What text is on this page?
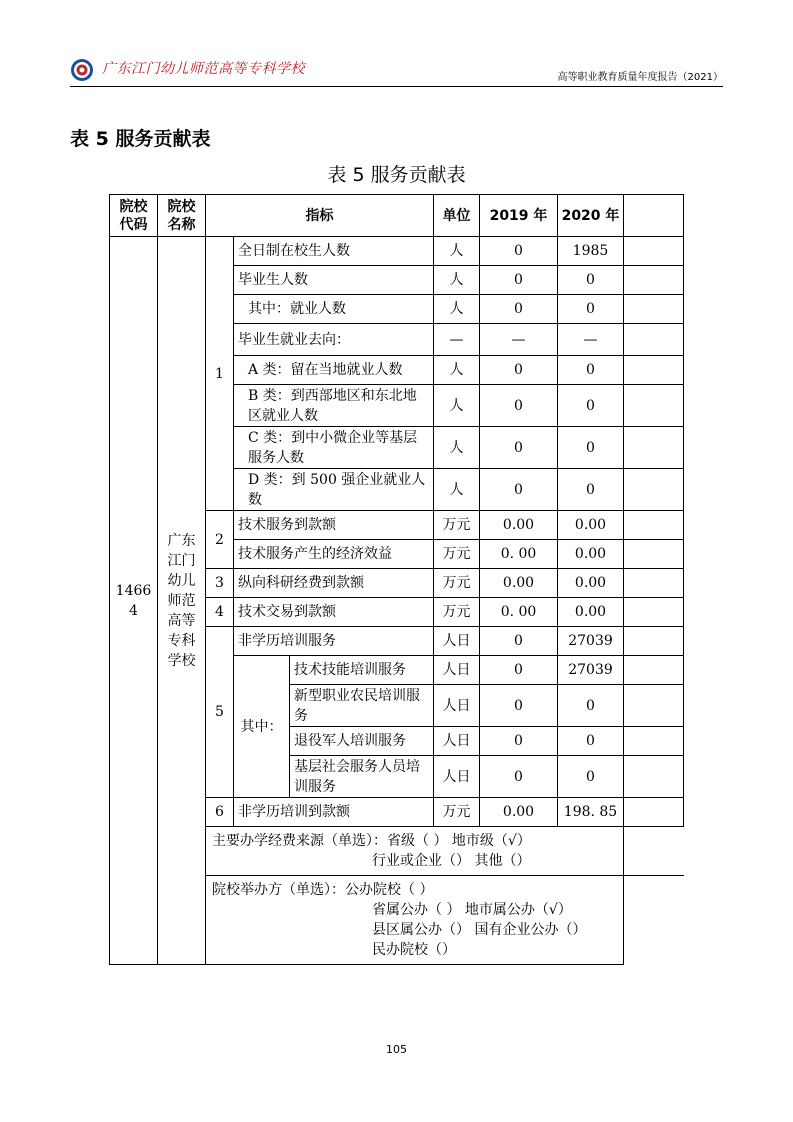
广东江门幼儿师范高等专科学校
高等职业教育质量年度报告（2021）
表 5 服务贡献表
表 5 服务贡献表
院校代码	院校名称	指标			单位	2019 年	2020 年	

14664	广东江门幼儿师范高等专科学校	1	全日制在校生人数		人	0	1985	
			毕业生人数		人	0	0	
			其中：就业人数		人	0	0	
			毕业生就业去向：		—	—	—	
			A 类：留在当地就业人数		人	0	0	
			B 类：到西部地区和东北地区就业人数		人	0	0	
			C 类：到中小微企业等基层服务人数		人	0	0	
			D 类：到 500 强企业就业人数		人	0	0	
		2	技术服务到款额		万元	0.00	0.00	
			技术服务产生的经济效益		万元	0. 00	0.00	
		3	纵向科研经费到款额		万元	0.00	0.00	
		4	技术交易到款额		万元	0. 00	0.00	
		5	非学历培训服务		人日	0	27039	
			其中：	技术技能培训服务	人日	0	27039	
				新型职业农民培训服务	人日	0	0	
				退役军人培训服务	人日	0	0	
				基层社会服务人员培训服务	人日	0	0	
		6	非学历培训到款额		万元	0.00	198. 85	

		主要办学经费来源（单选）：省级（ ） 地市级（√）
行业或企业（） 其他（）						

		院校举办方（单选）：公办院校（ ）
省属公办（ ） 地市属公办（√）
县区属公办（） 国有企业公办（）
民办院校（）						

105
